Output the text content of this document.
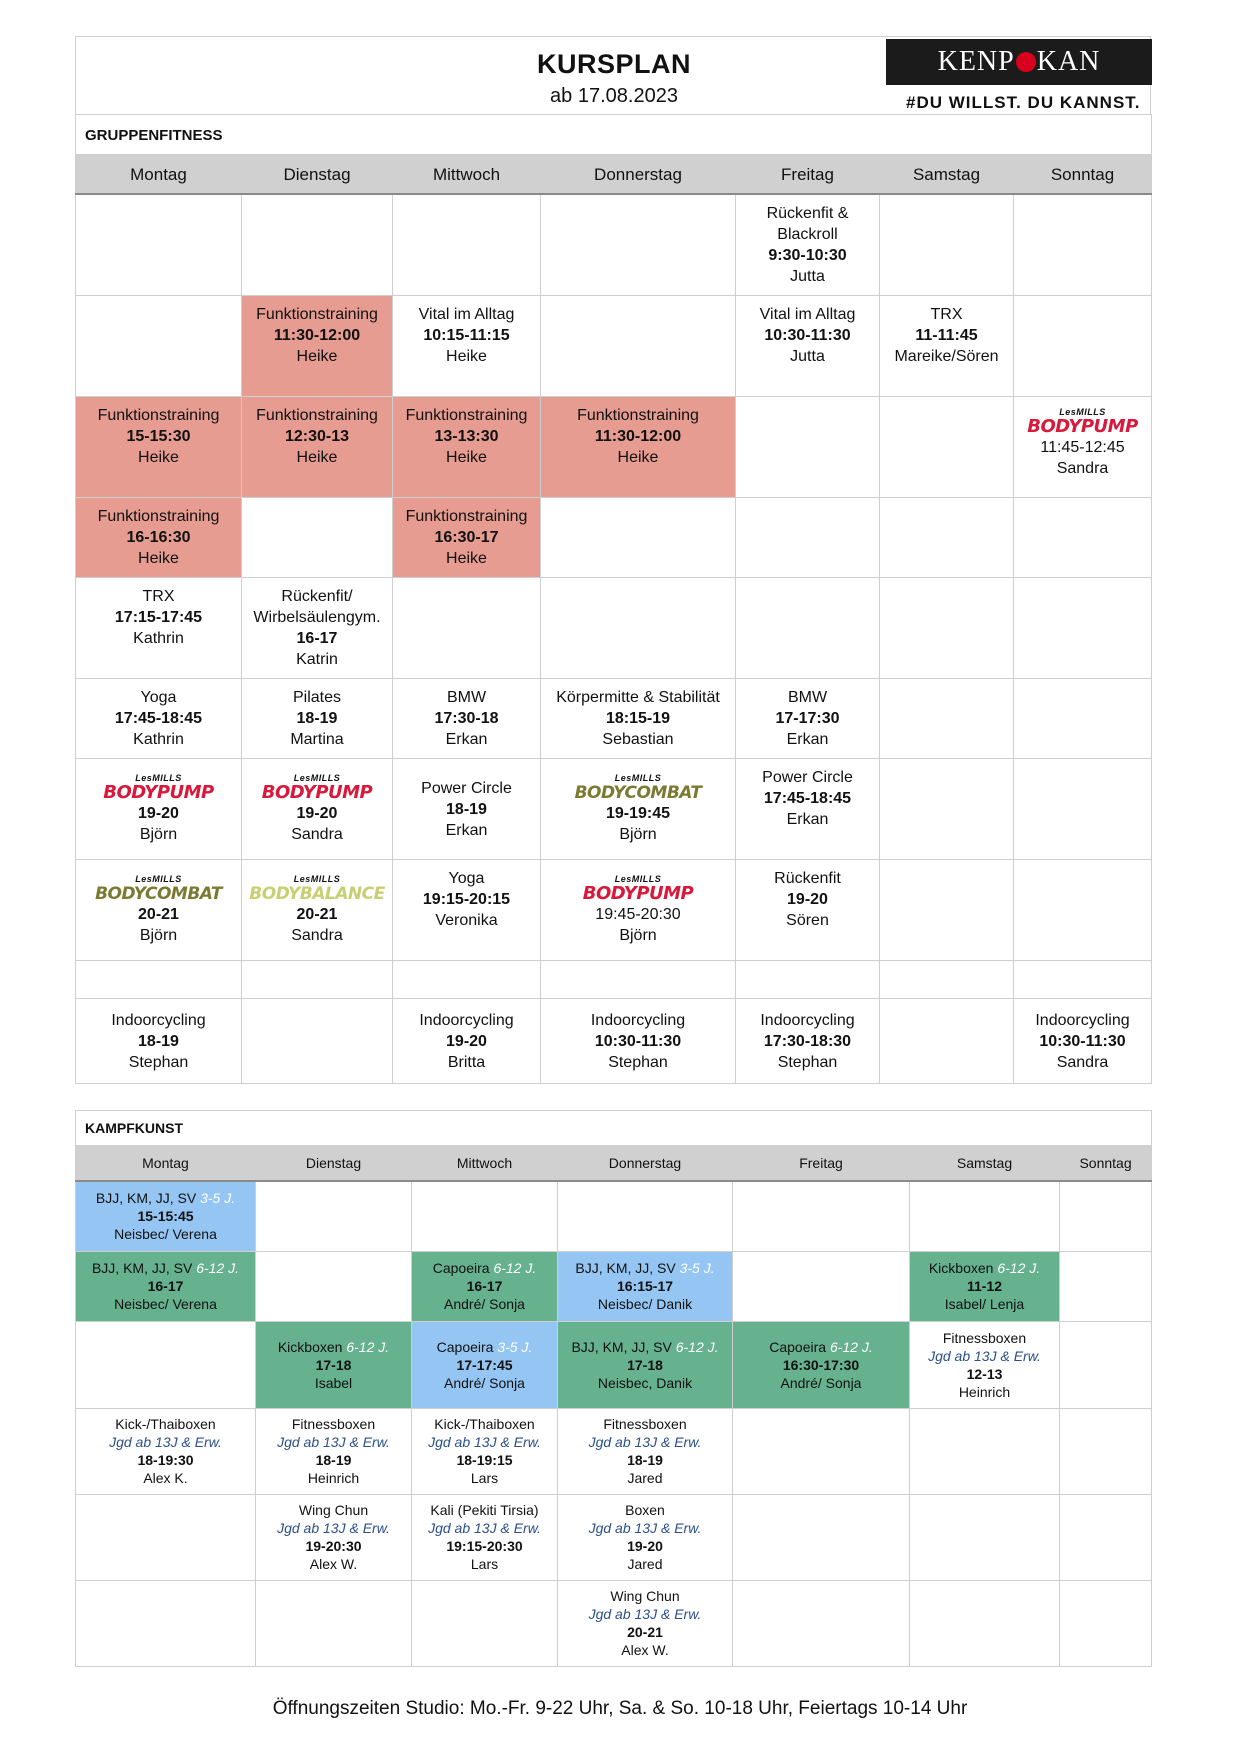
KURSPLAN
ab 17.08.2023
KENP KAN
#DU WILLST. DU KANNST.
GRUPPENFITNESS						
Montag	Dienstag	Mittwoch	Donnerstag	Freitag	Samstag	Sonntag

				Rückenfit &
Blackroll
9:30-10:30
Jutta		

	Funktionstraining
11:30-12:00
Heike	Vital im Alltag
10:15-11:15
Heike		Vital im Alltag
10:30-11:30
Jutta	TRX
11-11:45
Mareike/Sören	

Funktionstraining
15-15:30
Heike	Funktionstraining
12:30-13
Heike	Funktionstraining
13-13:30
Heike	Funktionstraining
11:30-12:00
Heike			LesMILLS
BODYPUMP
11:45-12:45
Sandra

Funktionstraining
16-16:30
Heike		Funktionstraining
16:30-17
Heike				

TRX
17:15-17:45
Kathrin	Rückenfit/
Wirbelsäulengym.
16-17
Katrin					

Yoga
17:45-18:45
Kathrin	Pilates
18-19
Martina	BMW
17:30-18
Erkan	Körpermitte & Stabilität
18:15-19
Sebastian	BMW
17-17:30
Erkan		

LesMILLS
BODYPUMP
19-20
Björn	LesMILLS
BODYPUMP
19-20
Sandra	Power Circle
18-19
Erkan	LesMILLS
BODYCOMBAT
19-19:45
Björn	Power Circle
17:45-18:45
Erkan		

LesMILLS
BODYCOMBAT
20-21
Björn	LesMILLS
BODYBALANCE
20-21
Sandra	Yoga
19:15-20:15
Veronika	LesMILLS
BODYPUMP
19:45-20:30
Björn	Rückenfit
19-20
Sören		

Indoorcycling
18-19
Stephan		Indoorcycling
19-20
Britta	Indoorcycling
10:30-11:30
Stephan	Indoorcycling
17:30-18:30
Stephan		Indoorcycling
10:30-11:30
Sandra
KAMPFKUNST						
Montag	Dienstag	Mittwoch	Donnerstag	Freitag	Samstag	Sonntag

BJJ, KM, JJ, SV 3-5 J.
15-15:45
Neisbec/ Verena						

BJJ, KM, JJ, SV 6-12 J.
16-17
Neisbec/ Verena		Capoeira 6-12 J.
16-17
André/ Sonja	BJJ, KM, JJ, SV 3-5 J.
16:15-17
Neisbec/ Danik		Kickboxen 6-12 J.
11-12
Isabel/ Lenja	

	Kickboxen 6-12 J.
17-18
Isabel	Capoeira 3-5 J.
17-17:45
André/ Sonja	BJJ, KM, JJ, SV 6-12 J.
17-18
Neisbec, Danik	Capoeira 6-12 J.
16:30-17:30
André/ Sonja	Fitnessboxen
Jgd ab 13J & Erw.
12-13
Heinrich	

Kick-/Thaiboxen
Jgd ab 13J & Erw.
18-19:30
Alex K.	Fitnessboxen
Jgd ab 13J & Erw.
18-19
Heinrich	Kick-/Thaiboxen
Jgd ab 13J & Erw.
18-19:15
Lars	Fitnessboxen
Jgd ab 13J & Erw.
18-19
Jared			

	Wing Chun
Jgd ab 13J & Erw.
19-20:30
Alex W.	Kali (Pekiti Tirsia)
Jgd ab 13J & Erw.
19:15-20:30
Lars	Boxen
Jgd ab 13J & Erw.
19-20
Jared			

			Wing Chun
Jgd ab 13J & Erw.
20-21
Alex W.			

Öffnungszeiten Studio: Mo.-Fr. 9-22 Uhr, Sa. & So. 10-18 Uhr, Feiertags 10-14 Uhr
